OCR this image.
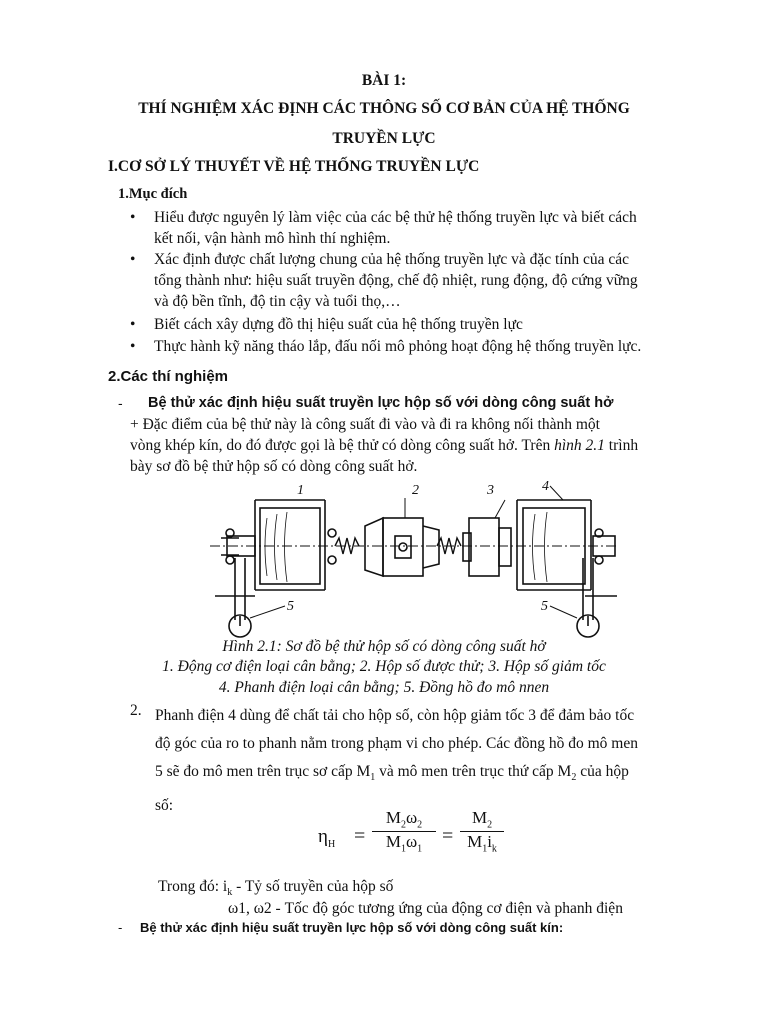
BÀI 1:
THÍ NGHIỆM XÁC ĐỊNH CÁC THÔNG SỐ CƠ BẢN CỦA HỆ THỐNG
TRUYỀN LỰC
I.CƠ SỞ LÝ THUYẾT VỀ HỆ THỐNG TRUYỀN LỰC
1.Mục đích
• Hiểu được nguyên lý làm việc của các bệ thử hệ thống truyền lực và biết cách
kết nối, vận hành mô hình thí nghiệm.
• Xác định được chất lượng chung của hệ thống truyền lực và đặc tính của các
tổng thành như: hiệu suất truyền động, chế độ nhiệt, rung động, độ cứng vững
và độ bền tĩnh, độ tin cậy và tuổi thọ,…
• Biết cách xây dựng đồ thị hiệu suất của hệ thống truyền lực
• Thực hành kỹ năng tháo lắp, đấu nối mô phỏng hoạt động hệ thống truyền lực.
2.Các thí nghiệm
- Bệ thử xác định hiệu suất truyền lực hộp số với dòng công suất hở
+ Đặc điểm của bệ thử này là công suất đi vào và đi ra không nối thành một
vòng khép kín, do đó được gọi là bệ thử có dòng công suất hở. Trên hình 2.1 trình
bày sơ đồ bệ thử hộp số có dòng công suất hở.
1	2	3	4
5	5
Hình 2.1: Sơ đồ bệ thử hộp số có dòng công suất hở
1. Động cơ điện loại cân bằng; 2. Hộp số được thử; 3. Hộp số giảm tốc
4. Phanh điện loại cân bằng; 5. Đồng hồ đo mô nnen
2. Phanh điện 4 dùng để chất tải cho hộp số, còn hộp giảm tốc 3 để đảm bảo tốc
độ góc của ro to phanh nằm trong phạm vi cho phép. Các đồng hồ đo mô men
5 sẽ đo mô men trên trục sơ cấp $M_1$ và mô men trên trục thứ cấp $M_2$ của hộp
số:
$\eta_H$ =
$M_2\omega_2$
$M_1\omega_1$
=
$M_2$
$M_1i_k$
Trong đó: $i_k$ - Tỷ số truyền của hộp số
ω1, ω2 - Tốc độ góc tương ứng của động cơ điện và phanh điện
- Bệ thử xác định hiệu suất truyền lực hộp số với dòng công suất kín:
